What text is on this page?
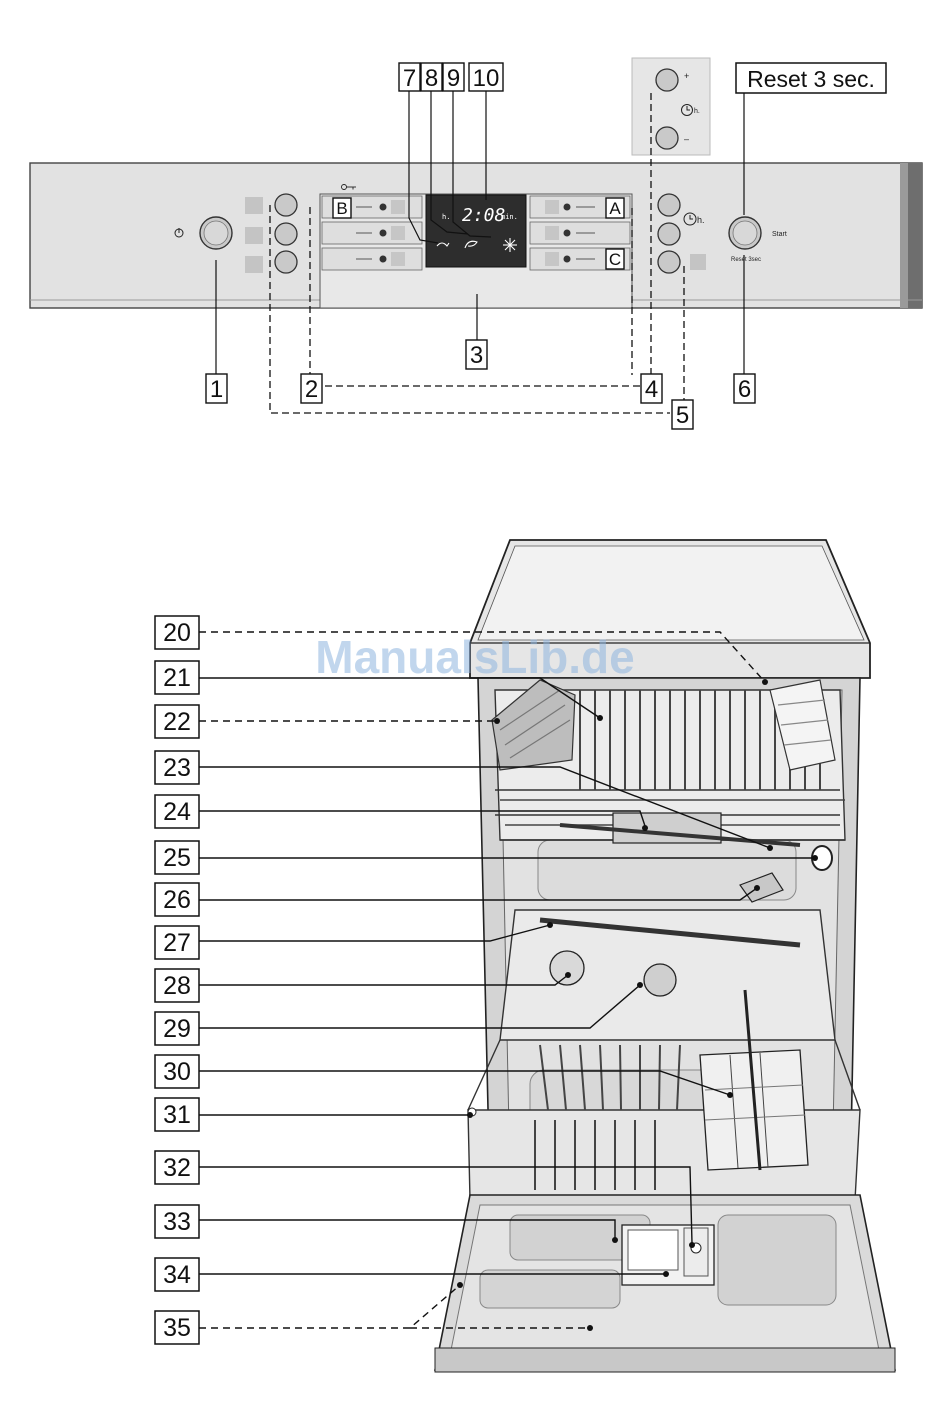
B	A
C
h. 2:08
min.	h.
Start
Reset 3sec
+
–
h.
Reset 3 sec.
7 8 9 10
1	2
3
4
5
6
ManualsLib.de
20
21
22
23
24
25
26
27
28
29
30
31
32
33
34
35
